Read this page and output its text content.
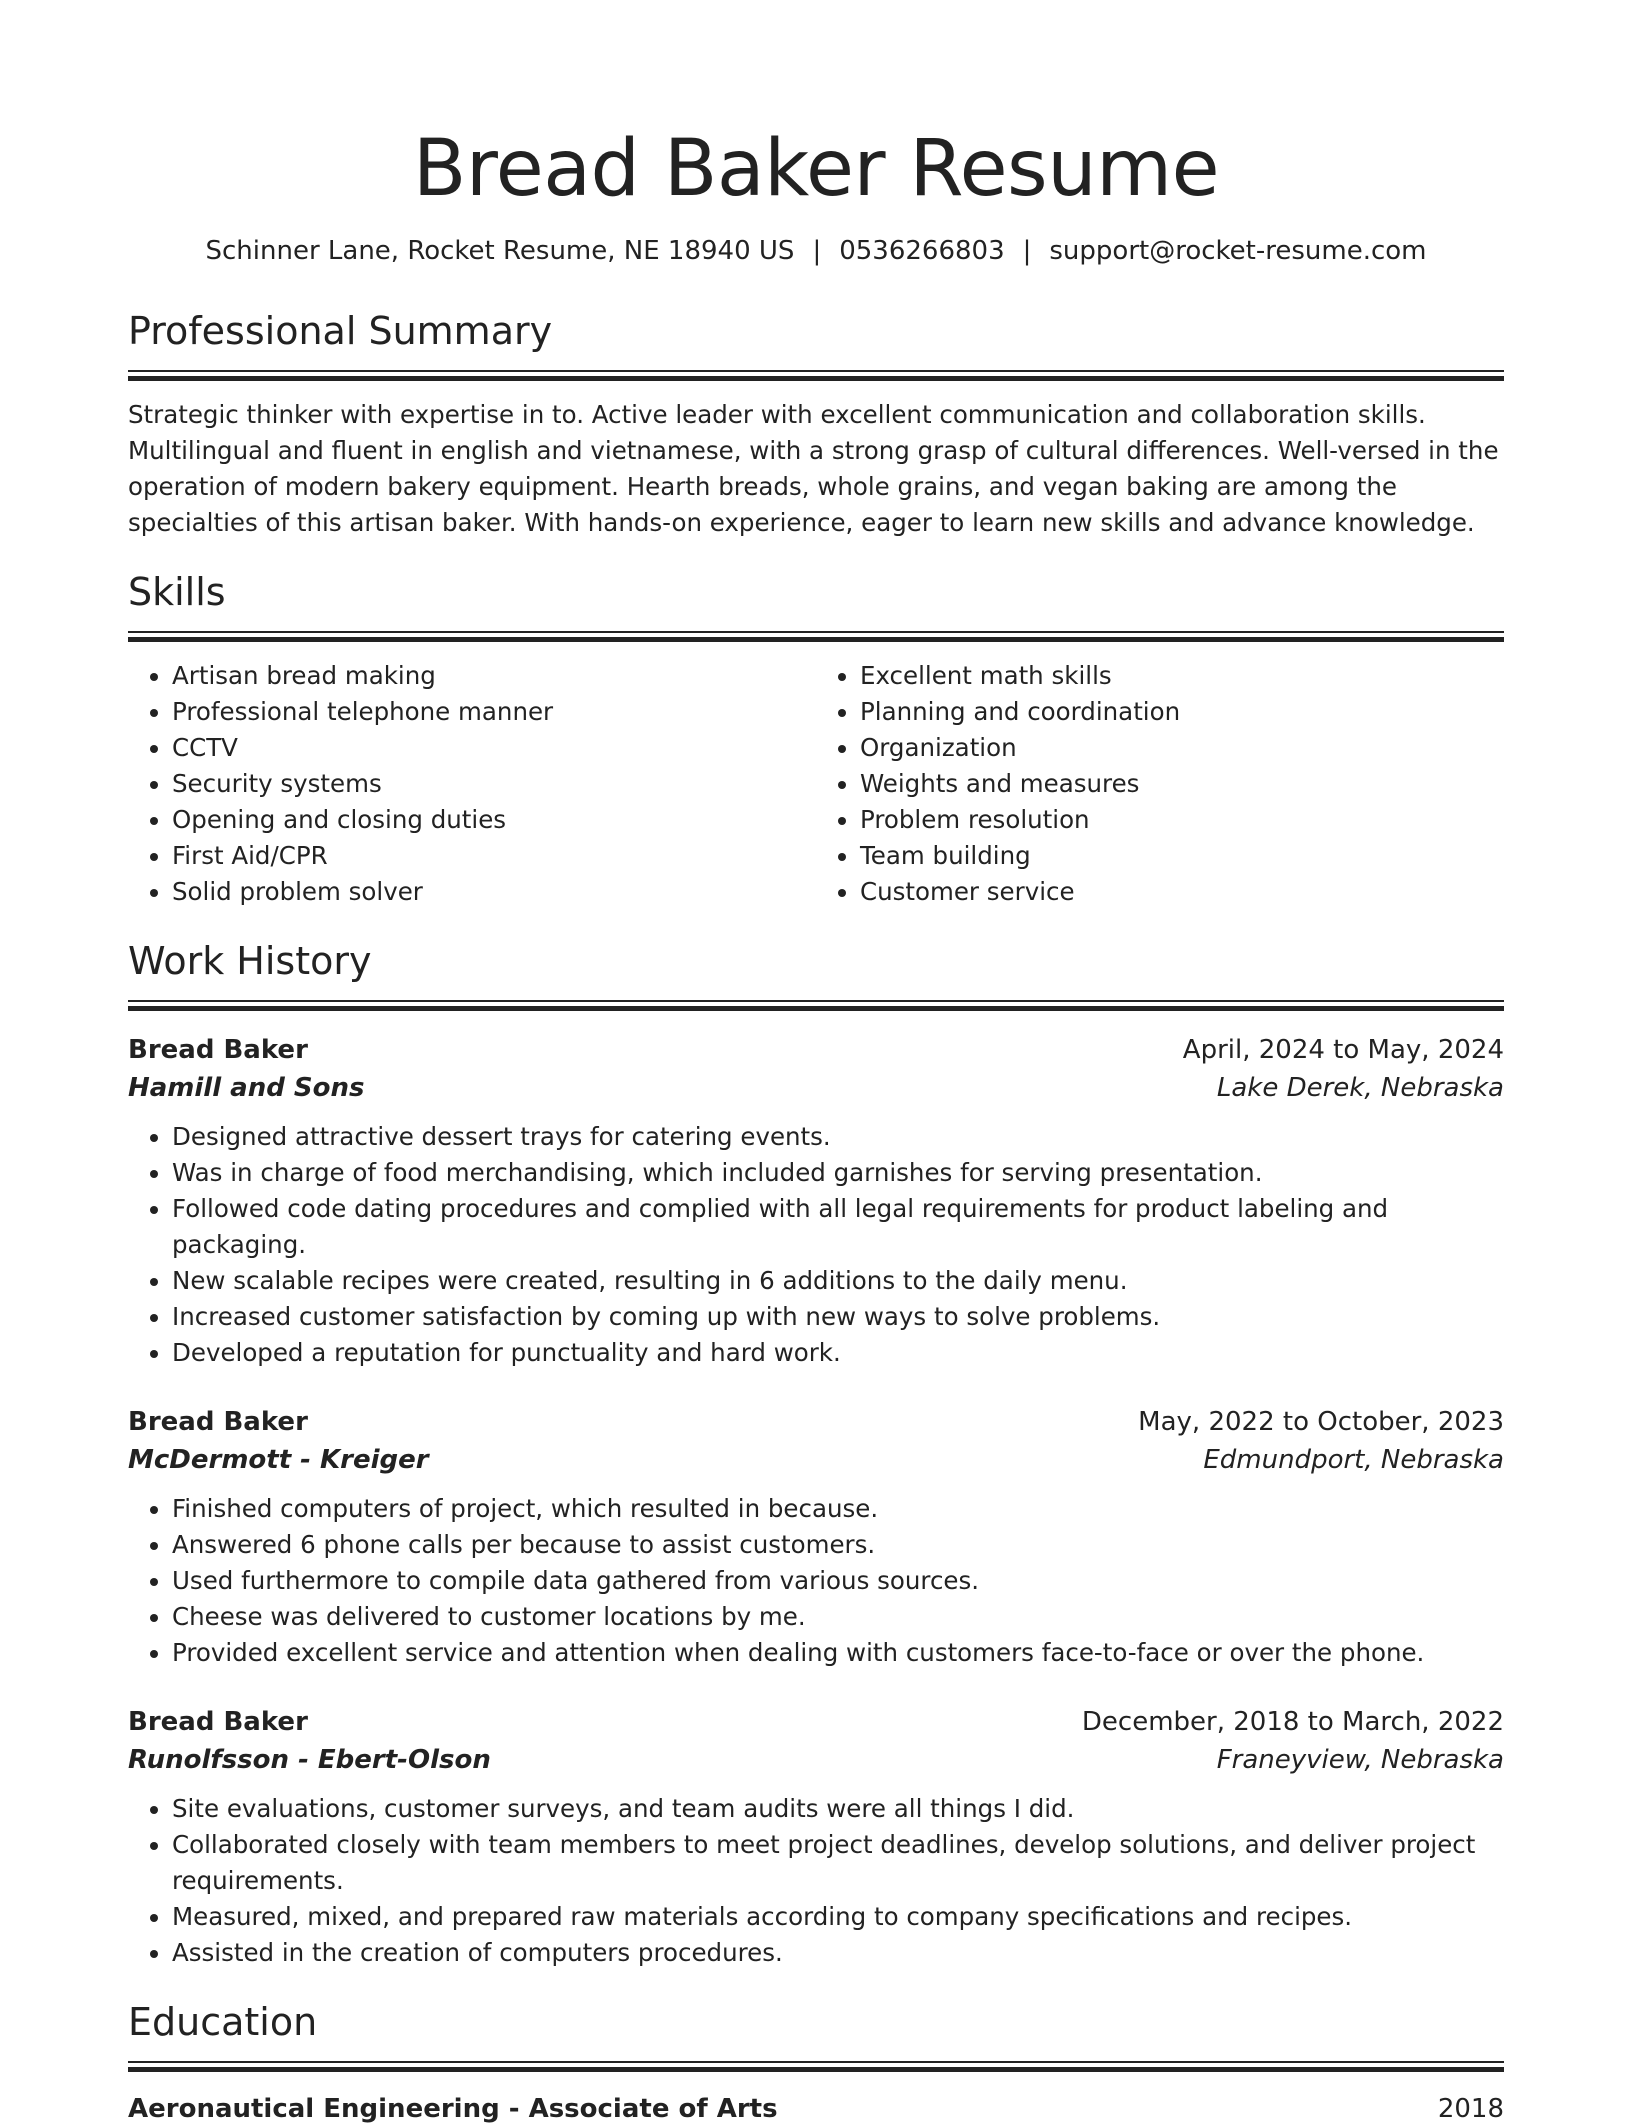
Bread Baker Resume
Schinner Lane, Rocket Resume, NE 18940 US | 0536266803 | support@rocket-resume.com
Professional Summary

Strategic thinker with expertise in to. Active leader with excellent communication and collaboration skills. Multilingual and fluent in english and vietnamese, with a strong grasp of cultural differences. Well-versed in the operation of modern bakery equipment. Hearth breads, whole grains, and vegan baking are among the specialties of this artisan baker. With hands-on experience, eager to learn new skills and advance knowledge.

Skills
• Artisan bread making
• Professional telephone manner
• CCTV
• Security systems
• Opening and closing duties
• First Aid/CPR
• Solid problem solver
• Excellent math skills
• Planning and coordination
• Organization
• Weights and measures
• Problem resolution
• Team building
• Customer service
Work History
Bread Baker	April, 2024 to May, 2024
Hamill and Sons	Lake Derek, Nebraska
• Designed attractive dessert trays for catering events.
• Was in charge of food merchandising, which included garnishes for serving presentation.
• Followed code dating procedures and complied with all legal requirements for product labeling and packaging.
• New scalable recipes were created, resulting in 6 additions to the daily menu.
• Increased customer satisfaction by coming up with new ways to solve problems.
• Developed a reputation for punctuality and hard work.
Bread Baker	May, 2022 to October, 2023
McDermott - Kreiger	Edmundport, Nebraska
• Finished computers of project, which resulted in because.
• Answered 6 phone calls per because to assist customers.
• Used furthermore to compile data gathered from various sources.
• Cheese was delivered to customer locations by me.
• Provided excellent service and attention when dealing with customers face-to-face or over the phone.
Bread Baker	December, 2018 to March, 2022
Runolfsson - Ebert-Olson	Franeyview, Nebraska
• Site evaluations, customer surveys, and team audits were all things I did.
• Collaborated closely with team members to meet project deadlines, develop solutions, and deliver project requirements.
• Measured, mixed, and prepared raw materials according to company specifications and recipes.
• Assisted in the creation of computers procedures.
Education
Aeronautical Engineering - Associate of Arts	2018
